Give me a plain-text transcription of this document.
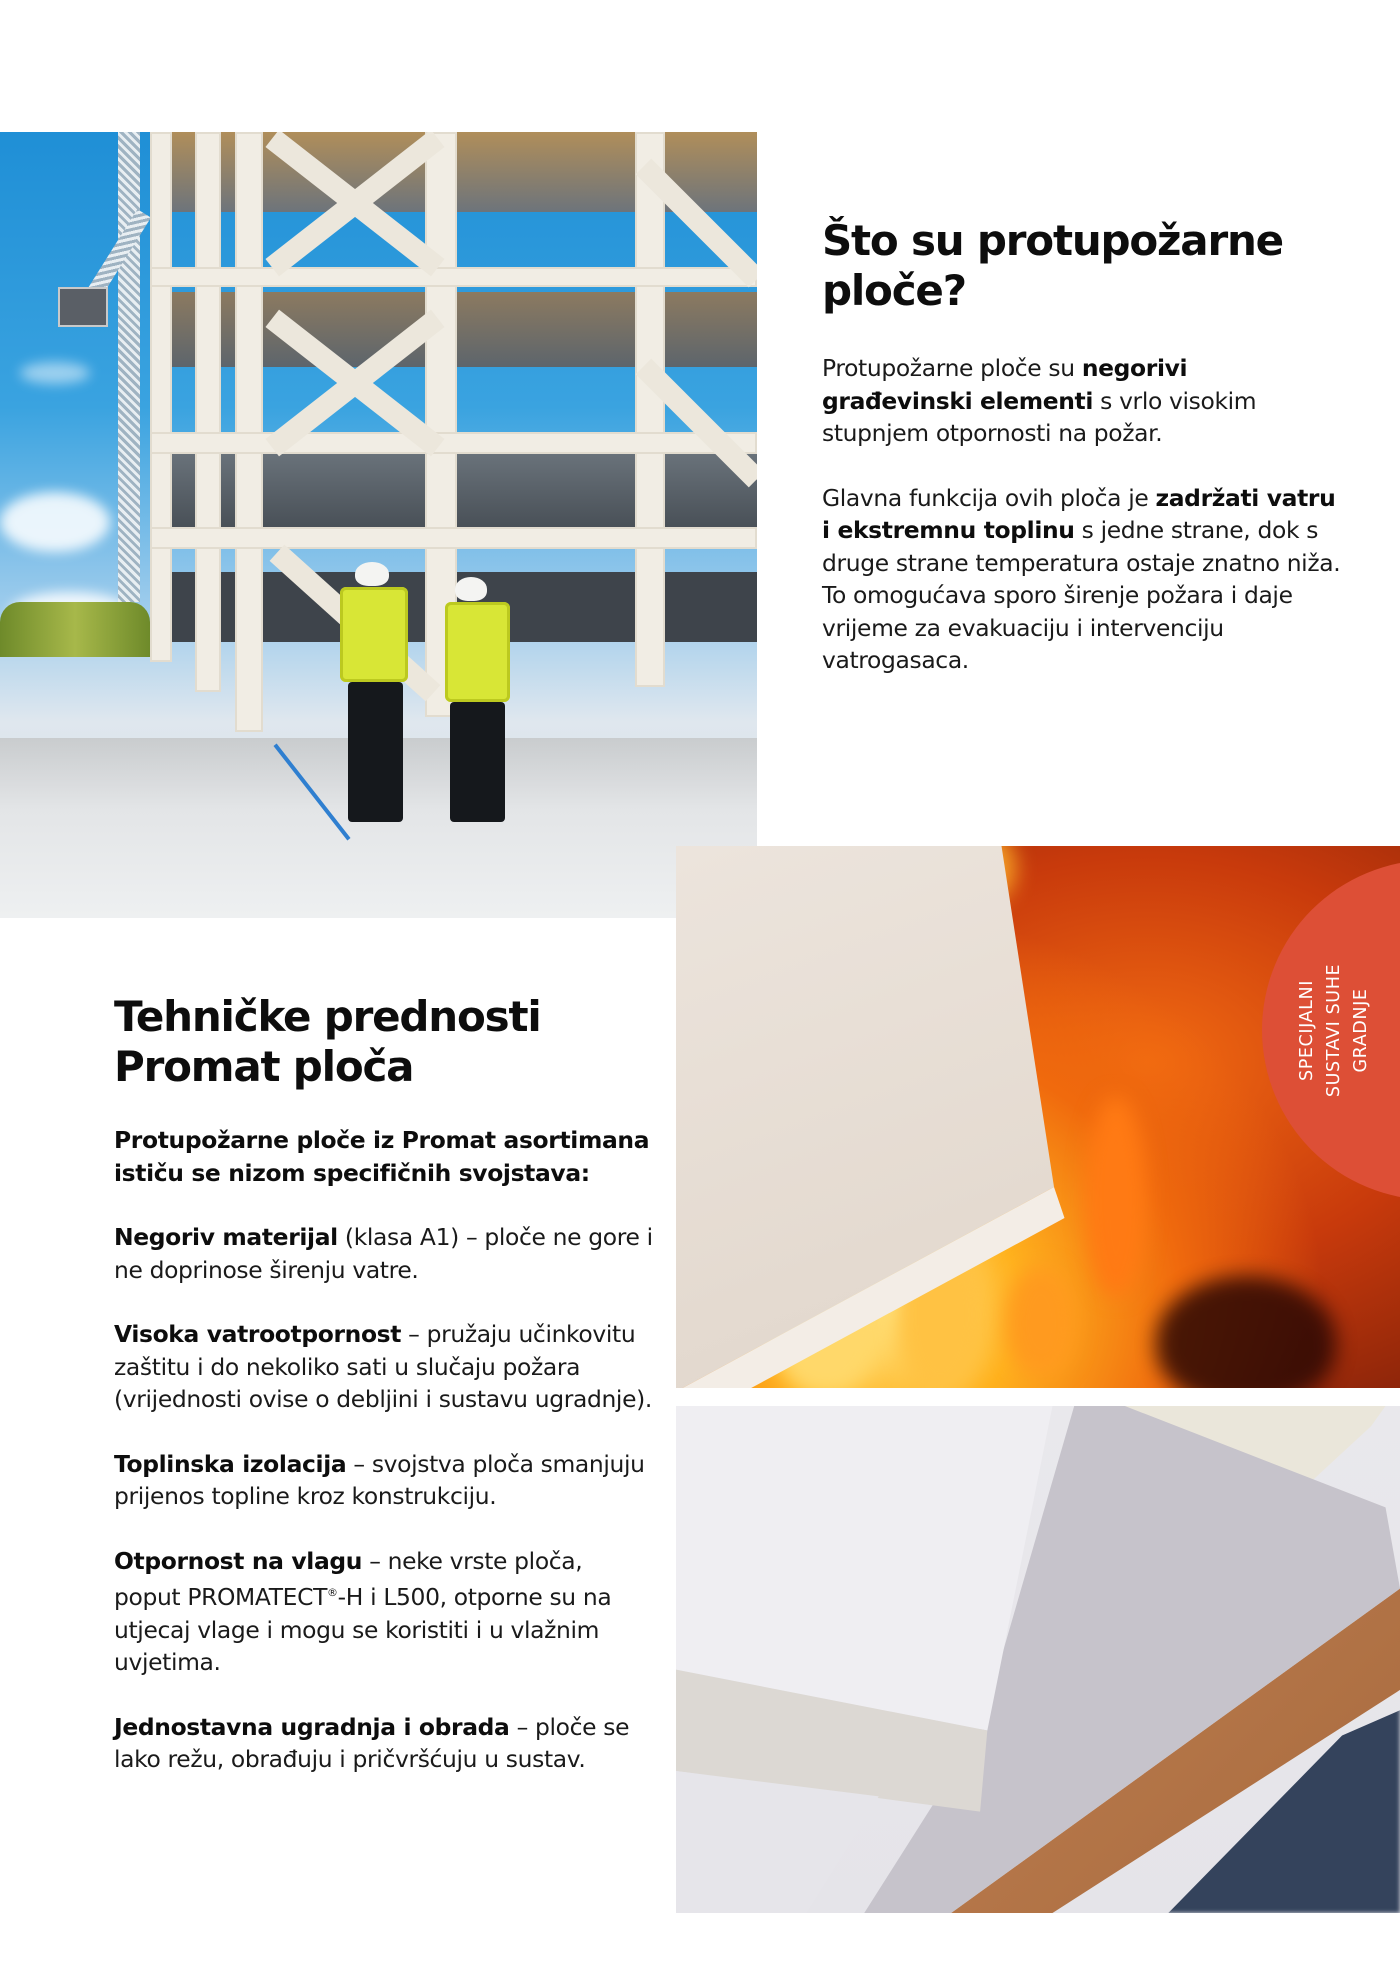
Što su protupožarne
ploče?

Protupožarne ploče su negorivi građevinski elementi s vrlo visokim stupnjem otpornosti na požar.

Glavna funkcija ovih ploča je zadržati vatru i ekstremnu toplinu s jedne strane, dok s druge strane temperatura ostaje znatno niža. To omogućava sporo širenje požara i daje vrijeme za evakuaciju i intervenciju vatrogasaca.

SPECIJALNI SUSTAVI SUHE GRADNJE
Tehničke prednosti
Promat ploča

Protupožarne ploče iz Promat asortimana ističu se nizom specifičnih svojstava:

Negoriv materijal (klasa A1) – ploče ne gore i ne doprinose širenju vatre.

Visoka vatrootpornost – pružaju učinkovitu zaštitu i do nekoliko sati u slučaju požara (vrijednosti ovise o debljini i sustavu ugradnje).

Toplinska izolacija – svojstva ploča smanjuju prijenos topline kroz konstrukciju.

Otpornost na vlagu – neke vrste ploča, poput PROMATECT®-H i L500, otporne su na utjecaj vlage i mogu se koristiti i u vlažnim uvjetima.

Jednostavna ugradnja i obrada – ploče se lako režu, obrađuju i pričvršćuju u sustav.
